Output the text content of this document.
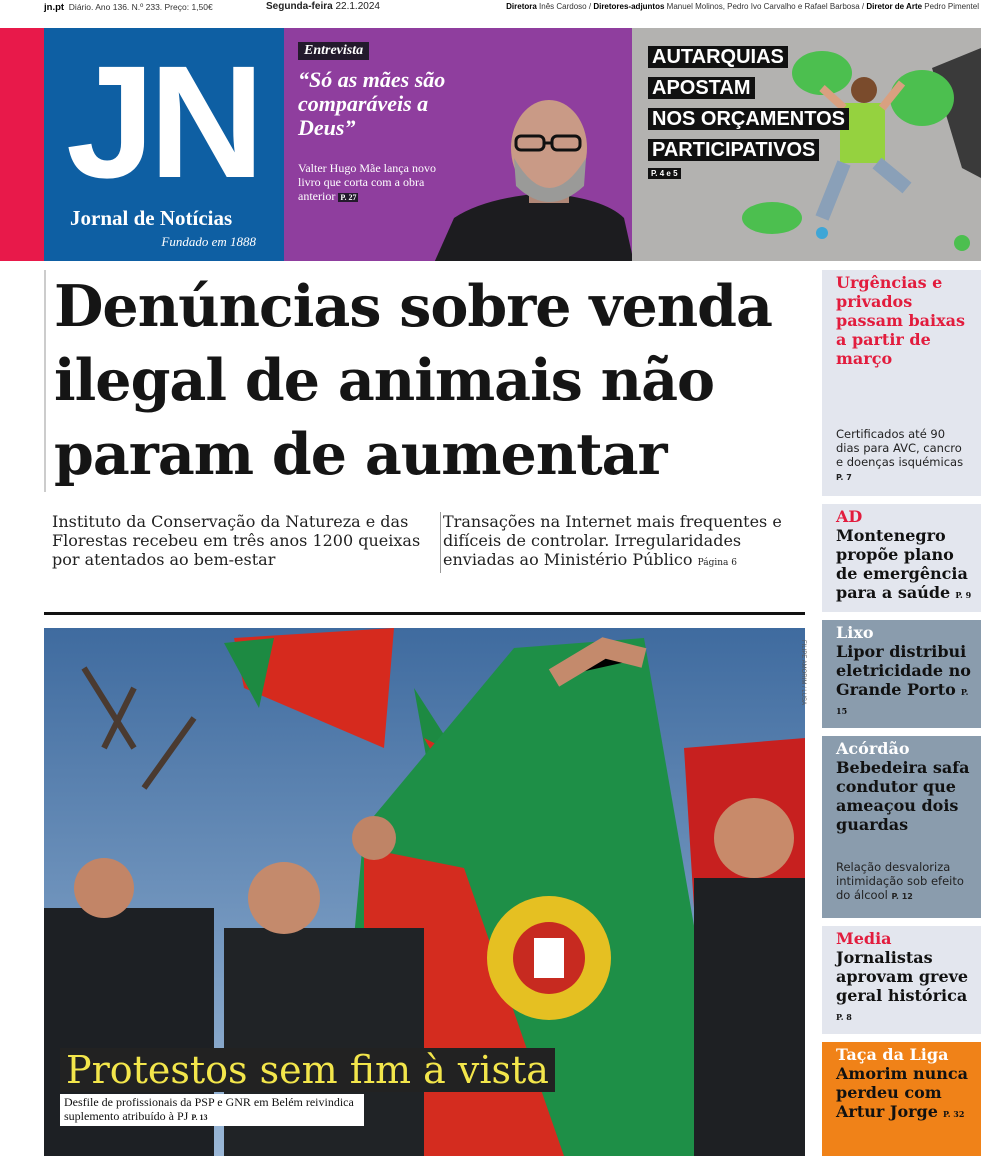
jn.pt Diário. Ano 136. N.º 233. Preço: 1,50€	Segunda-feira 22.1.2024	Diretora Inês Cardoso / Diretores-adjuntos Manuel Molinos, Pedro Ivo Carvalho e Rafael Barbosa / Diretor de Arte Pedro Pimentel
JN
Jornal de Notícias
Fundado em 1888
Entrevista
“Só as mães são comparáveis a Deus”
Valter Hugo Mãe lança novo livro que corta com a obra anterior P. 27
AUTARQUIAS
APOSTAM
NOS ORÇAMENTOS
PARTICIPATIVOS
P. 4 e 5
Denúncias sobre venda ilegal de animais não param de aumentar
Instituto da Conservação da Natureza e das Florestas recebeu em três anos 1200 queixas por atentados ao bem-estar
Transações na Internet mais frequentes e difíceis de controlar. Irregularidades enviadas ao Ministério Público Página 6
FILIPE AMORIM / LUSA
Protestos sem fim à vista
Desfile de profissionais da PSP e GNR em Belém reivindica suplemento atribuído à PJ P. 13
Urgências e privados passam baixas a partir de março
Certificados até 90 dias para AVC, cancro e doenças isquémicas P. 7
AD
Montenegro propõe plano de emergência para a saúde P. 9
Lixo
Lipor distribui eletricidade no Grande Porto P. 15
Acórdão
Bebedeira safa condutor que ameaçou dois guardas
Relação desvaloriza intimidação sob efeito do álcool P. 12
Media
Jornalistas aprovam greve geral histórica P. 8
Taça da Liga
Amorim nunca perdeu com Artur Jorge P. 32
